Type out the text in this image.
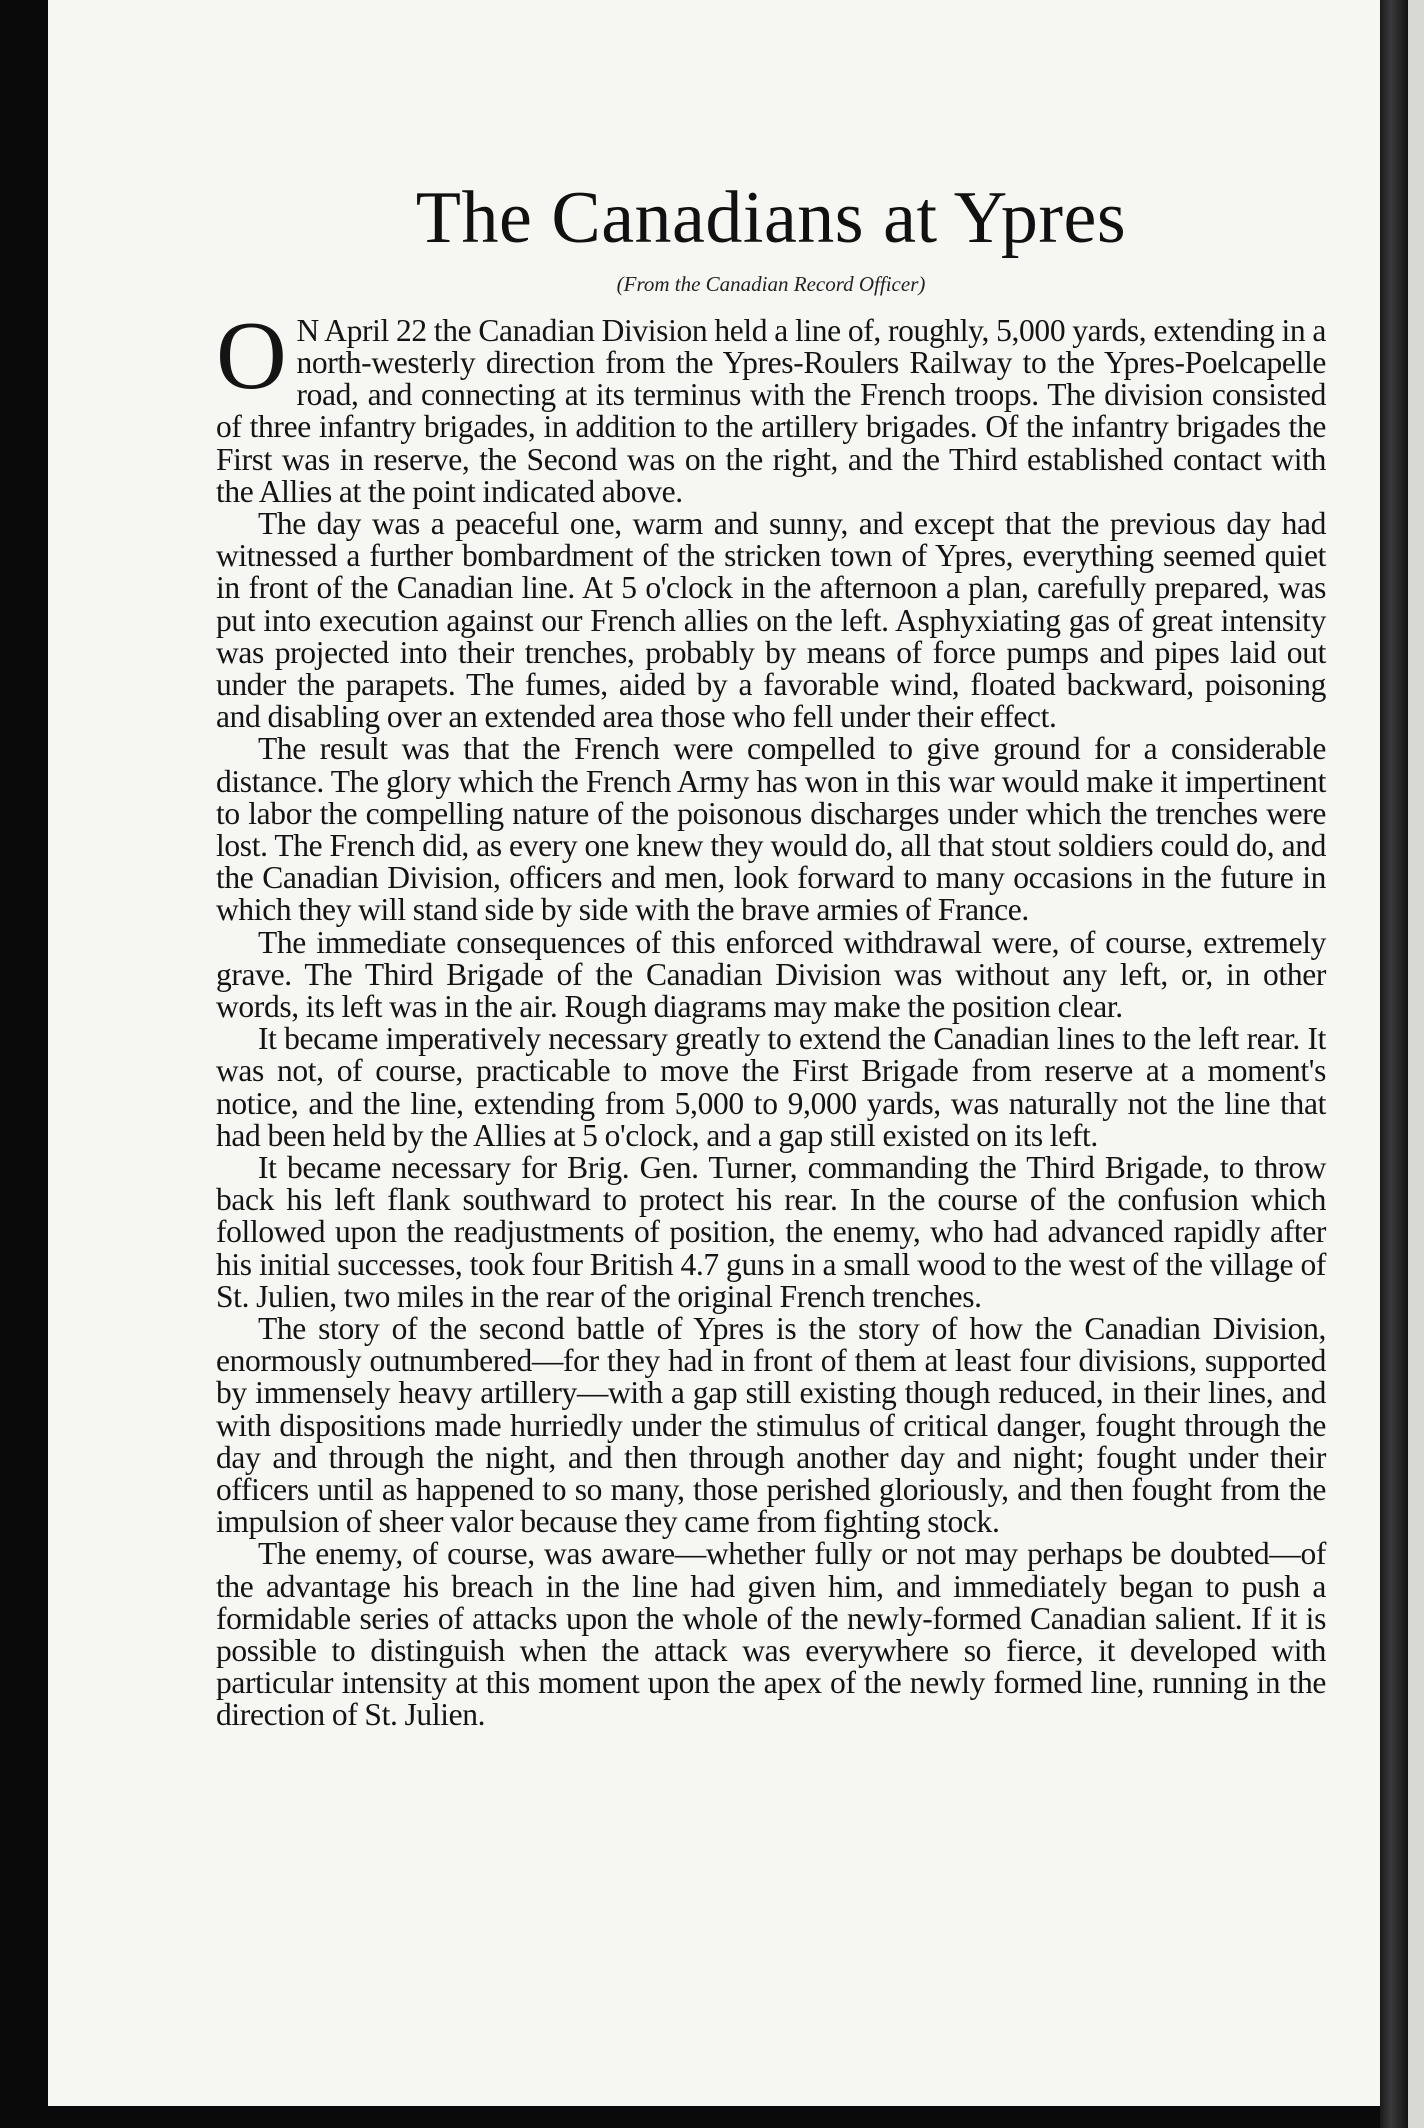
The Canadians at Ypres
(From the Canadian Record Officer)

O N April 22 the Canadian Division held a line of, roughly, 5,000 yards, extending in a north-westerly direction from the Ypres-Roulers Railway to the Ypres-Poelcapelle road, and connecting at its terminus with the French troops. The division consisted of three infantry brigades, in addition to the artillery brigades. Of the infantry brigades the First was in reserve, the Second was on the right, and the Third established contact with the Allies at the point indicated above.

The day was a peaceful one, warm and sunny, and except that the previous day had witnessed a further bombardment of the stricken town of Ypres, everything seemed quiet in front of the Canadian line. At 5 o'clock in the afternoon a plan, carefully prepared, was put into execution against our French allies on the left. Asphyxiating gas of great intensity was projected into their trenches, probably by means of force pumps and pipes laid out under the parapets. The fumes, aided by a favorable wind, floated backward, poisoning and disabling over an extended area those who fell under their effect.

The result was that the French were compelled to give ground for a considerable distance. The glory which the French Army has won in this war would make it impertinent to labor the compelling nature of the poisonous discharges under which the trenches were lost. The French did, as every one knew they would do, all that stout soldiers could do, and the Canadian Division, officers and men, look forward to many occasions in the future in which they will stand side by side with the brave armies of France.

The immediate consequences of this enforced withdrawal were, of course, extremely grave. The Third Brigade of the Canadian Division was without any left, or, in other words, its left was in the air. Rough diagrams may make the position clear.

It became imperatively necessary greatly to extend the Canadian lines to the left rear. It was not, of course, practicable to move the First Brigade from reserve at a moment's notice, and the line, extending from 5,000 to 9,000 yards, was naturally not the line that had been held by the Allies at 5 o'clock, and a gap still existed on its left.

It became necessary for Brig. Gen. Turner, commanding the Third Brigade, to throw back his left flank southward to protect his rear. In the course of the confusion which followed upon the readjustments of position, the enemy, who had advanced rapidly after his initial successes, took four British 4.7 guns in a small wood to the west of the village of St. Julien, two miles in the rear of the original French trenches.

The story of the second battle of Ypres is the story of how the Canadian Division, enormously outnumbered—for they had in front of them at least four divisions, supported by immensely heavy artillery—with a gap still existing though reduced, in their lines, and with dispositions made hurriedly under the stimulus of critical danger, fought through the day and through the night, and then through another day and night; fought under their officers until as happened to so many, those perished gloriously, and then fought from the impulsion of sheer valor because they came from fighting stock.

The enemy, of course, was aware—whether fully or not may perhaps be doubted—of the advantage his breach in the line had given him, and immediately began to push a formidable series of attacks upon the whole of the newly-formed Canadian salient. If it is possible to distinguish when the attack was everywhere so fierce, it developed with particular intensity at this moment upon the apex of the newly formed line, running in the direction of St. Julien.
